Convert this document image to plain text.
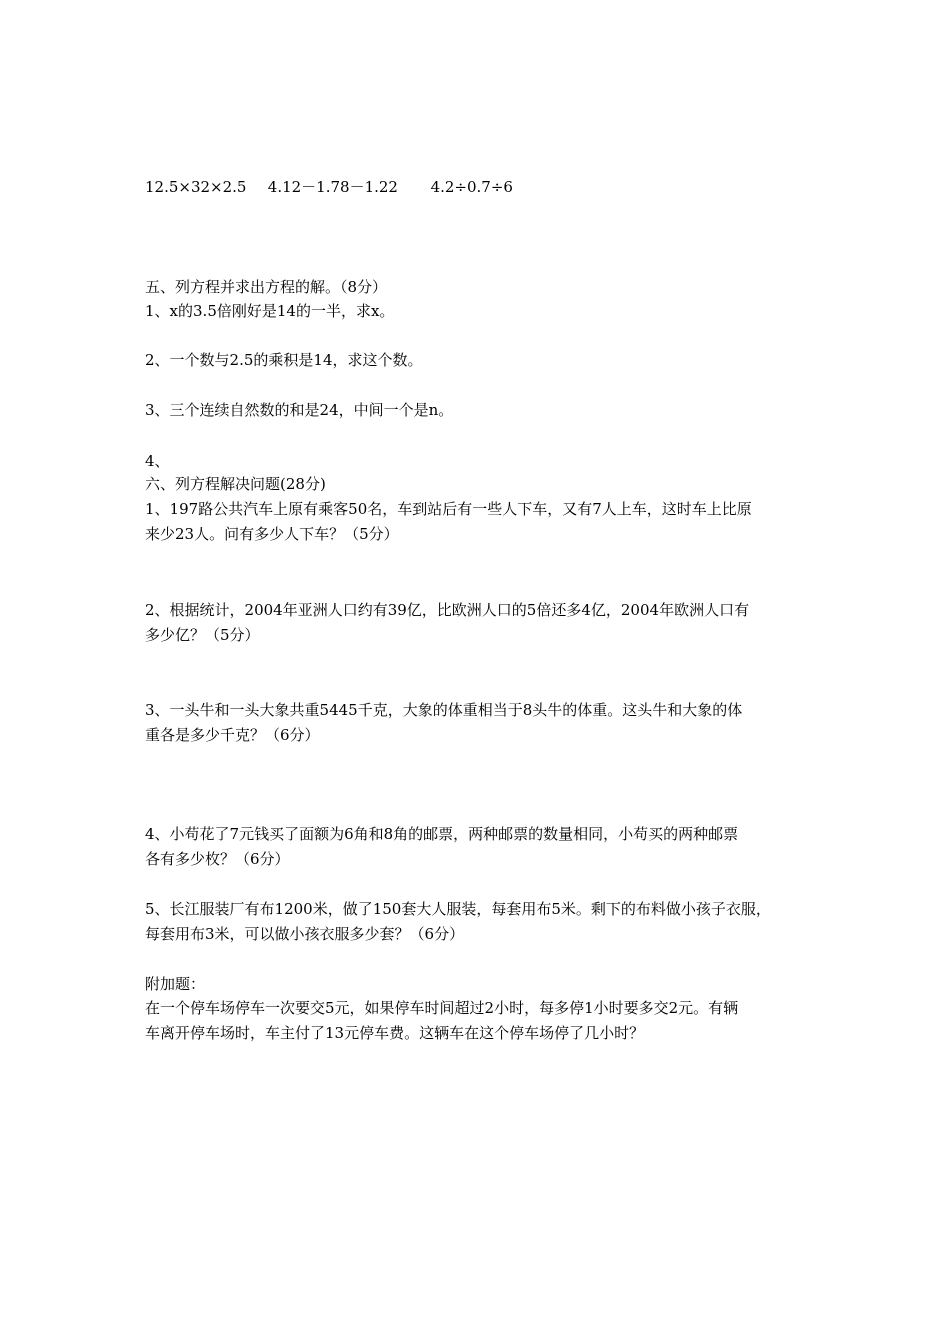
12.5×32×2.5 4.12－1.78－1.22 4.2÷0.7÷6
五、列方程并求出方程的解。（8分）
1、x的3.5倍刚好是14的一半，求x。
2、一个数与2.5的乘积是14，求这个数。
3、三个连续自然数的和是24，中间一个是n。
4、
六、列方程解决问题(28分)
1、197路公共汽车上原有乘客50名，车到站后有一些人下车，又有7人上车，这时车上比原
来少23人。问有多少人下车？（5分）
2、根据统计，2004年亚洲人口约有39亿，比欧洲人口的5倍还多4亿，2004年欧洲人口有
多少亿？（5分）
3、一头牛和一头大象共重5445千克，大象的体重相当于8头牛的体重。这头牛和大象的体
重各是多少千克？（6分）
4、小苟花了7元钱买了面额为6角和8角的邮票，两种邮票的数量相同，小苟买的两种邮票
各有多少枚？（6分）
5、长江服装厂有布1200米，做了150套大人服装，每套用布5米。剩下的布料做小孩子衣服，
每套用布3米，可以做小孩衣服多少套？（6分）
附加题：
在一个停车场停车一次要交5元，如果停车时间超过2小时，每多停1小时要多交2元。有辆
车离开停车场时，车主付了13元停车费。这辆车在这个停车场停了几小时？
